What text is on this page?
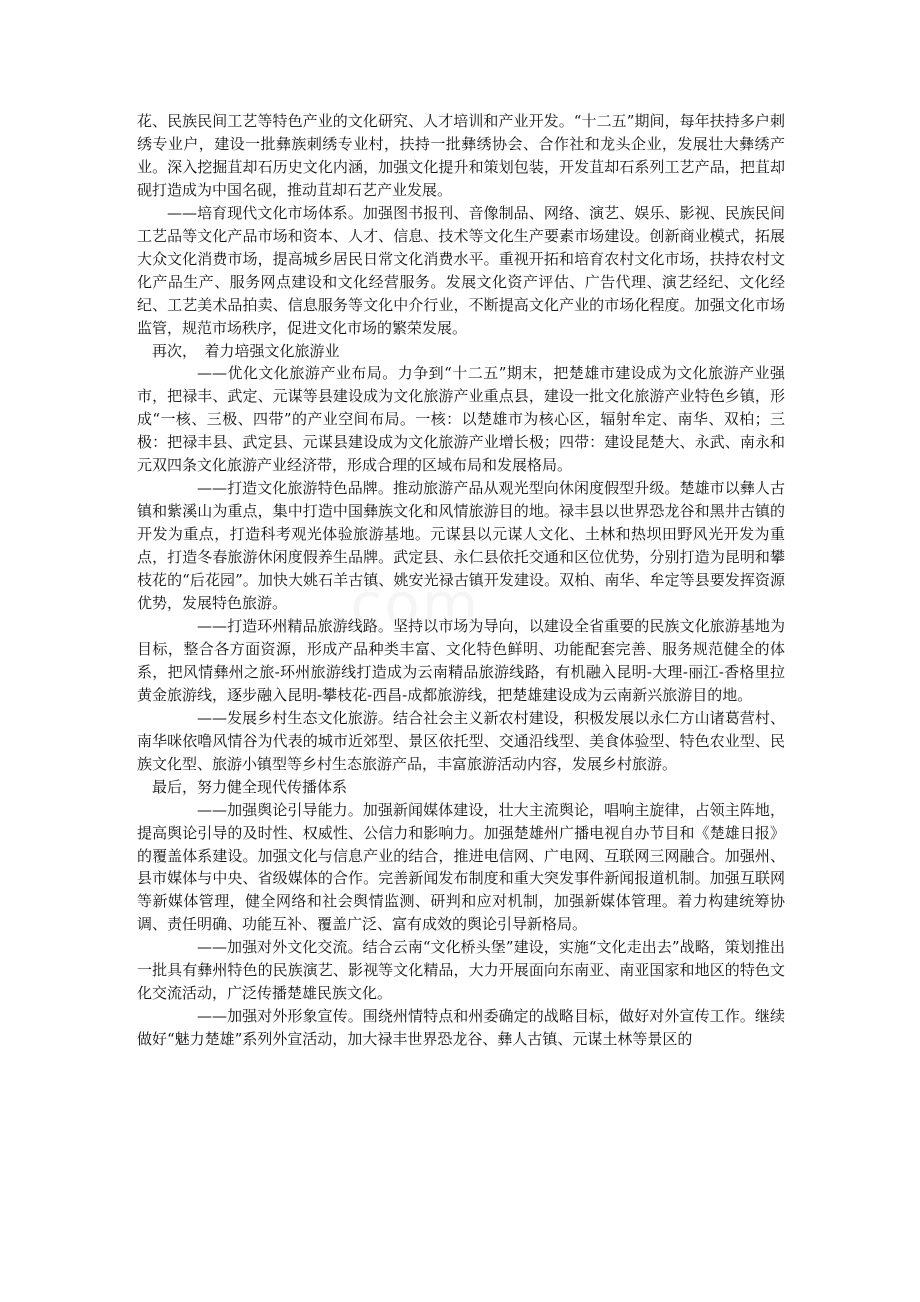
花、民族民间工艺等特色产业的文化研究、人才培训和产业开发。“十二五”期间，每年扶持多户刺绣专业户，建设一批彝族刺绣专业村，扶持一批彝绣协会、合作社和龙头企业，发展壮大彝绣产业。深入挖掘苴却石历史文化内涵，加强文化提升和策划包装，开发苴却石系列工艺产品，把苴却砚打造成为中国名砚，推动苴却石艺产业发展。

——培育现代文化市场体系。加强图书报刊、音像制品、网络、演艺、娱乐、影视、民族民间工艺品等文化产品市场和资本、人才、信息、技术等文化生产要素市场建设。创新商业模式，拓展大众文化消费市场，提高城乡居民日常文化消费水平。重视开拓和培育农村文化市场，扶持农村文化产品生产、服务网点建设和文化经营服务。发展文化资产评估、广告代理、演艺经纪、文化经纪、工艺美术品拍卖、信息服务等文化中介行业，不断提高文化产业的市场化程度。加强文化市场监管，规范市场秩序，促进文化市场的繁荣发展。

再次，　着力培强文化旅游业

——优化文化旅游产业布局。力争到“十二五”期末，把楚雄市建设成为文化旅游产业强市，把禄丰、武定、元谋等县建设成为文化旅游产业重点县，建设一批文化旅游产业特色乡镇，形成“一核、三极、四带”的产业空间布局。一核：以楚雄市为核心区，辐射牟定、南华、双柏；三极：把禄丰县、武定县、元谋县建设成为文化旅游产业增长极；四带：建设昆楚大、永武、南永和元双四条文化旅游产业经济带，形成合理的区域布局和发展格局。

——打造文化旅游特色品牌。推动旅游产品从观光型向休闲度假型升级。楚雄市以彝人古镇和紫溪山为重点，集中打造中国彝族文化和风情旅游目的地。禄丰县以世界恐龙谷和黑井古镇的开发为重点，打造科考观光体验旅游基地。元谋县以元谋人文化、土林和热坝田野风光开发为重点，打造冬春旅游休闲度假养生品牌。武定县、永仁县依托交通和区位优势，分别打造为昆明和攀枝花的“后花园”。加快大姚石羊古镇、姚安光禄古镇开发建设。双柏、南华、牟定等县要发挥资源优势，发展特色旅游。

——打造环州精品旅游线路。坚持以市场为导向，以建设全省重要的民族文化旅游基地为目标，整合各方面资源，形成产品种类丰富、文化特色鲜明、功能配套完善、服务规范健全的体系，把风情彝州之旅-环州旅游线打造成为云南精品旅游线路，有机融入昆明-大理-丽江-香格里拉黄金旅游线，逐步融入昆明-攀枝花-西昌-成都旅游线，把楚雄建设成为云南新兴旅游目的地。

——发展乡村生态文化旅游。结合社会主义新农村建设，积极发展以永仁方山诸葛营村、南华咪依噜风情谷为代表的城市近郊型、景区依托型、交通沿线型、美食体验型、特色农业型、民族文化型、旅游小镇型等乡村生态旅游产品，丰富旅游活动内容，发展乡村旅游。

最后，努力健全现代传播体系

——加强舆论引导能力。加强新闻媒体建设，壮大主流舆论，唱响主旋律，占领主阵地，提高舆论引导的及时性、权威性、公信力和影响力。加强楚雄州广播电视自办节目和《楚雄日报》的覆盖体系建设。加强文化与信息产业的结合，推进电信网、广电网、互联网三网融合。加强州、县市媒体与中央、省级媒体的合作。完善新闻发布制度和重大突发事件新闻报道机制。加强互联网等新媒体管理，健全网络和社会舆情监测、研判和应对机制，加强新媒体管理。着力构建统筹协调、责任明确、功能互补、覆盖广泛、富有成效的舆论引导新格局。

——加强对外文化交流。结合云南“文化桥头堡”建设，实施“文化走出去”战略，策划推出一批具有彝州特色的民族演艺、影视等文化精品，大力开展面向东南亚、南亚国家和地区的特色文化交流活动，广泛传播楚雄民族文化。

——加强对外形象宣传。围绕州情特点和州委确定的战略目标，做好对外宣传工作。继续做好“魅力楚雄”系列外宣活动，加大禄丰世界恐龙谷、彝人古镇、元谋土林等景区的

.com
